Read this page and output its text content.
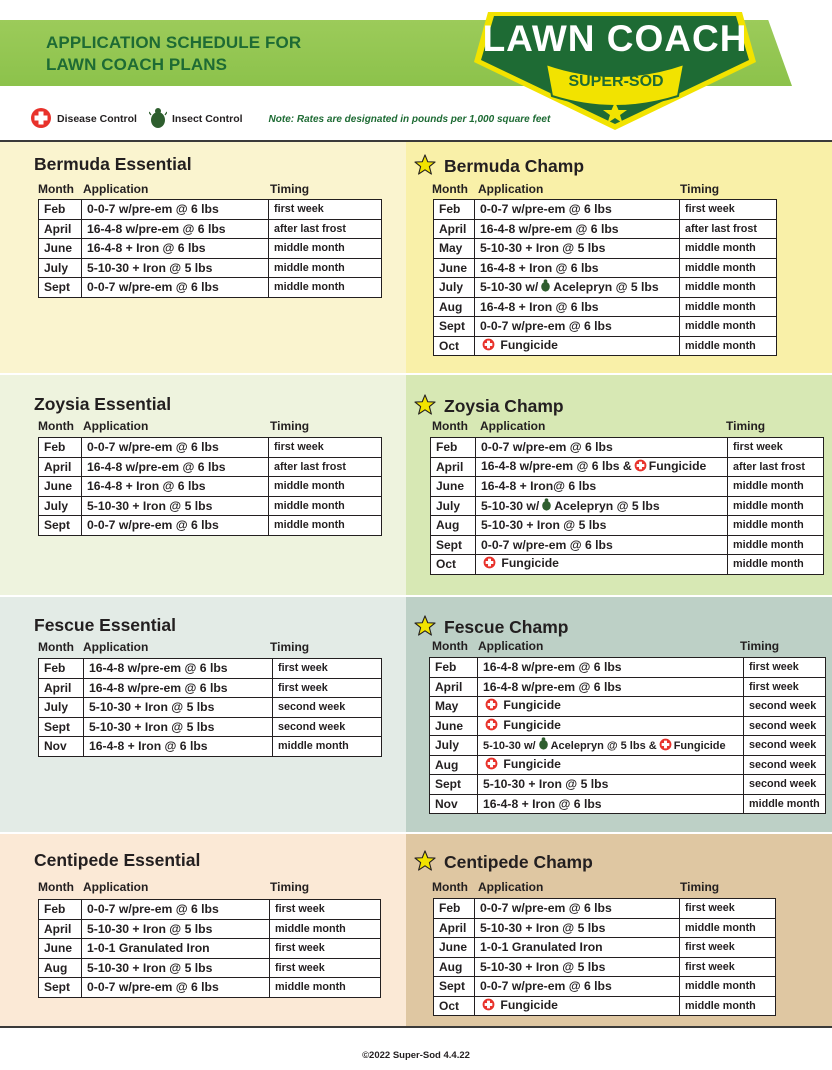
APPLICATION SCHEDULE FOR
LAWN COACH PLANS
LAWN COACH
SUPER-SOD
Disease Control	Insect Control	Note: Rates are designated in pounds per 1,000 square feet
Bermuda Essential
Month Application	Timing
Feb	0-0-7 w/pre-em @ 6 lbs	first week
April	16-4-8 w/pre-em @ 6 lbs	after last frost
June	16-4-8 + Iron @ 6 lbs	middle month
July	5-10-30 + Iron @ 5 lbs	middle month
Sept	0-0-7 w/pre-em @ 6 lbs	middle month
Bermuda Champ
Month Application	Timing
Feb	0-0-7 w/pre-em @ 6 lbs	first week
April	16-4-8 w/pre-em @ 6 lbs	after last frost
May	5-10-30 + Iron @ 5 lbs	middle month
June	16-4-8 + Iron @ 6 lbs	middle month
July	5-10-30 w/ Acelepryn @ 5 lbs	middle month
Aug	16-4-8 + Iron @ 6 lbs	middle month
Sept	0-0-7 w/pre-em @ 6 lbs	middle month
Oct	Fungicide	middle month
Zoysia Essential
Month Application	Timing
Feb	0-0-7 w/pre-em @ 6 lbs	first week
April	16-4-8 w/pre-em @ 6 lbs	after last frost
June	16-4-8 + Iron @ 6 lbs	middle month
July	5-10-30 + Iron @ 5 lbs	middle month
Sept	0-0-7 w/pre-em @ 6 lbs	middle month
Zoysia Champ
Month Application	Timing
Feb	0-0-7 w/pre-em @ 6 lbs	first week
April	16-4-8 w/pre-em @ 6 lbs & Fungicide	after last frost
June	16-4-8 + Iron@ 6 lbs	middle month
July	5-10-30 w/ Acelepryn @ 5 lbs	middle month
Aug	5-10-30 + Iron @ 5 lbs	middle month
Sept	0-0-7 w/pre-em @ 6 lbs	middle month
Oct	Fungicide	middle month
Fescue Essential
Month Application	Timing
Feb	16-4-8 w/pre-em @ 6 lbs	first week
April	16-4-8 w/pre-em @ 6 lbs	first week
July	5-10-30 + Iron @ 5 lbs	second week
Sept	5-10-30 + Iron @ 5 lbs	second week
Nov	16-4-8 + Iron @ 6 lbs	middle month
Fescue Champ
Month Application	Timing
Feb	16-4-8 w/pre-em @ 6 lbs	first week
April	16-4-8 w/pre-em @ 6 lbs	first week
May	Fungicide	second week
June	Fungicide	second week
July	5-10-30 w/ Acelepryn @ 5 lbs & Fungicide	second week
Aug	Fungicide	second week
Sept	5-10-30 + Iron @ 5 lbs	second week
Nov	16-4-8 + Iron @ 6 lbs	middle month
Centipede Essential
Month Application	Timing
Feb	0-0-7 w/pre-em @ 6 lbs	first week
April	5-10-30 + Iron @ 5 lbs	middle month
June	1-0-1 Granulated Iron	first week
Aug	5-10-30 + Iron @ 5 lbs	first week
Sept	0-0-7 w/pre-em @ 6 lbs	middle month
Centipede Champ
Month Application	Timing
Feb	0-0-7 w/pre-em @ 6 lbs	first week
April	5-10-30 + Iron @ 5 lbs	middle month
June	1-0-1 Granulated Iron	first week
Aug	5-10-30 + Iron @ 5 lbs	first week
Sept	0-0-7 w/pre-em @ 6 lbs	middle month
Oct	Fungicide	middle month
©2022 Super-Sod 4.4.22
